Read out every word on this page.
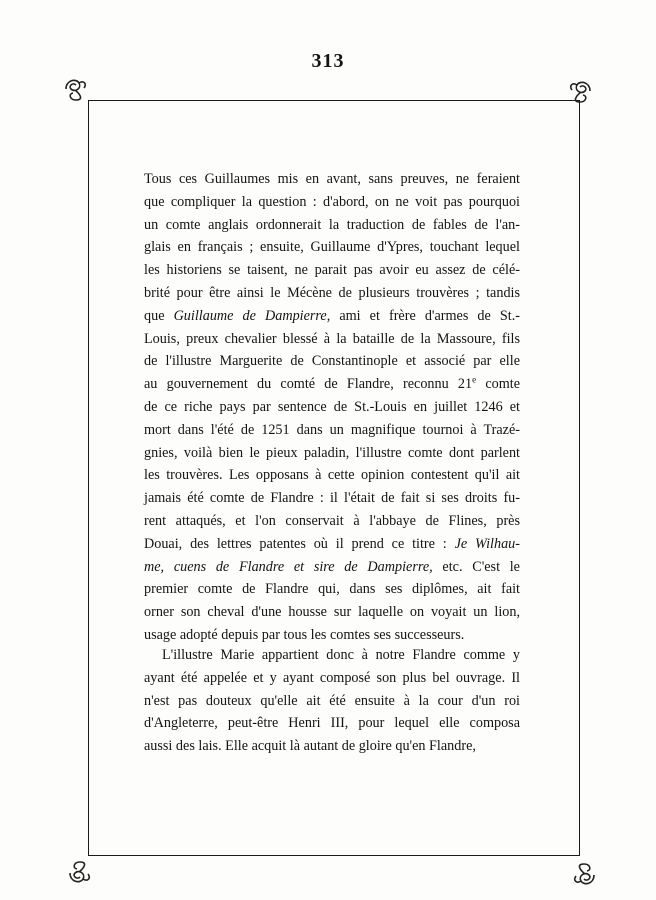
313
Tous ces Guillaumes mis en avant, sans preuves, ne feraient
que compliquer la question : d'abord, on ne voit pas pourquoi
un comte anglais ordonnerait la traduction de fables de l'an-
glais en français ; ensuite, Guillaume d'Ypres, touchant lequel
les historiens se taisent, ne parait pas avoir eu assez de célé-
brité pour être ainsi le Mécène de plusieurs trouvères ; tandis
que Guillaume de Dampierre, ami et frère d'armes de St.-
Louis, preux chevalier blessé à la bataille de la Massoure, fils
de l'illustre Marguerite de Constantinople et associé par elle
au gouvernement du comté de Flandre, reconnu 21e comte
de ce riche pays par sentence de St.-Louis en juillet 1246 et
mort dans l'été de 1251 dans un magnifique tournoi à Trazé-
gnies, voilà bien le pieux paladin, l'illustre comte dont parlent
les trouvères. Les opposans à cette opinion contestent qu'il ait
jamais été comte de Flandre : il l'était de fait si ses droits fu-
rent attaqués, et l'on conservait à l'abbaye de Flines, près
Douai, des lettres patentes où il prend ce titre : Je Wilhau-
me, cuens de Flandre et sire de Dampierre, etc. C'est le
premier comte de Flandre qui, dans ses diplômes, ait fait
orner son cheval d'une housse sur laquelle on voyait un lion,
usage adopté depuis par tous les comtes ses successeurs.
L'illustre Marie appartient donc à notre Flandre comme y
ayant été appelée et y ayant composé son plus bel ouvrage. Il
n'est pas douteux qu'elle ait été ensuite à la cour d'un roi
d'Angleterre, peut-être Henri III, pour lequel elle composa
aussi des lais. Elle acquit là autant de gloire qu'en Flandre,
